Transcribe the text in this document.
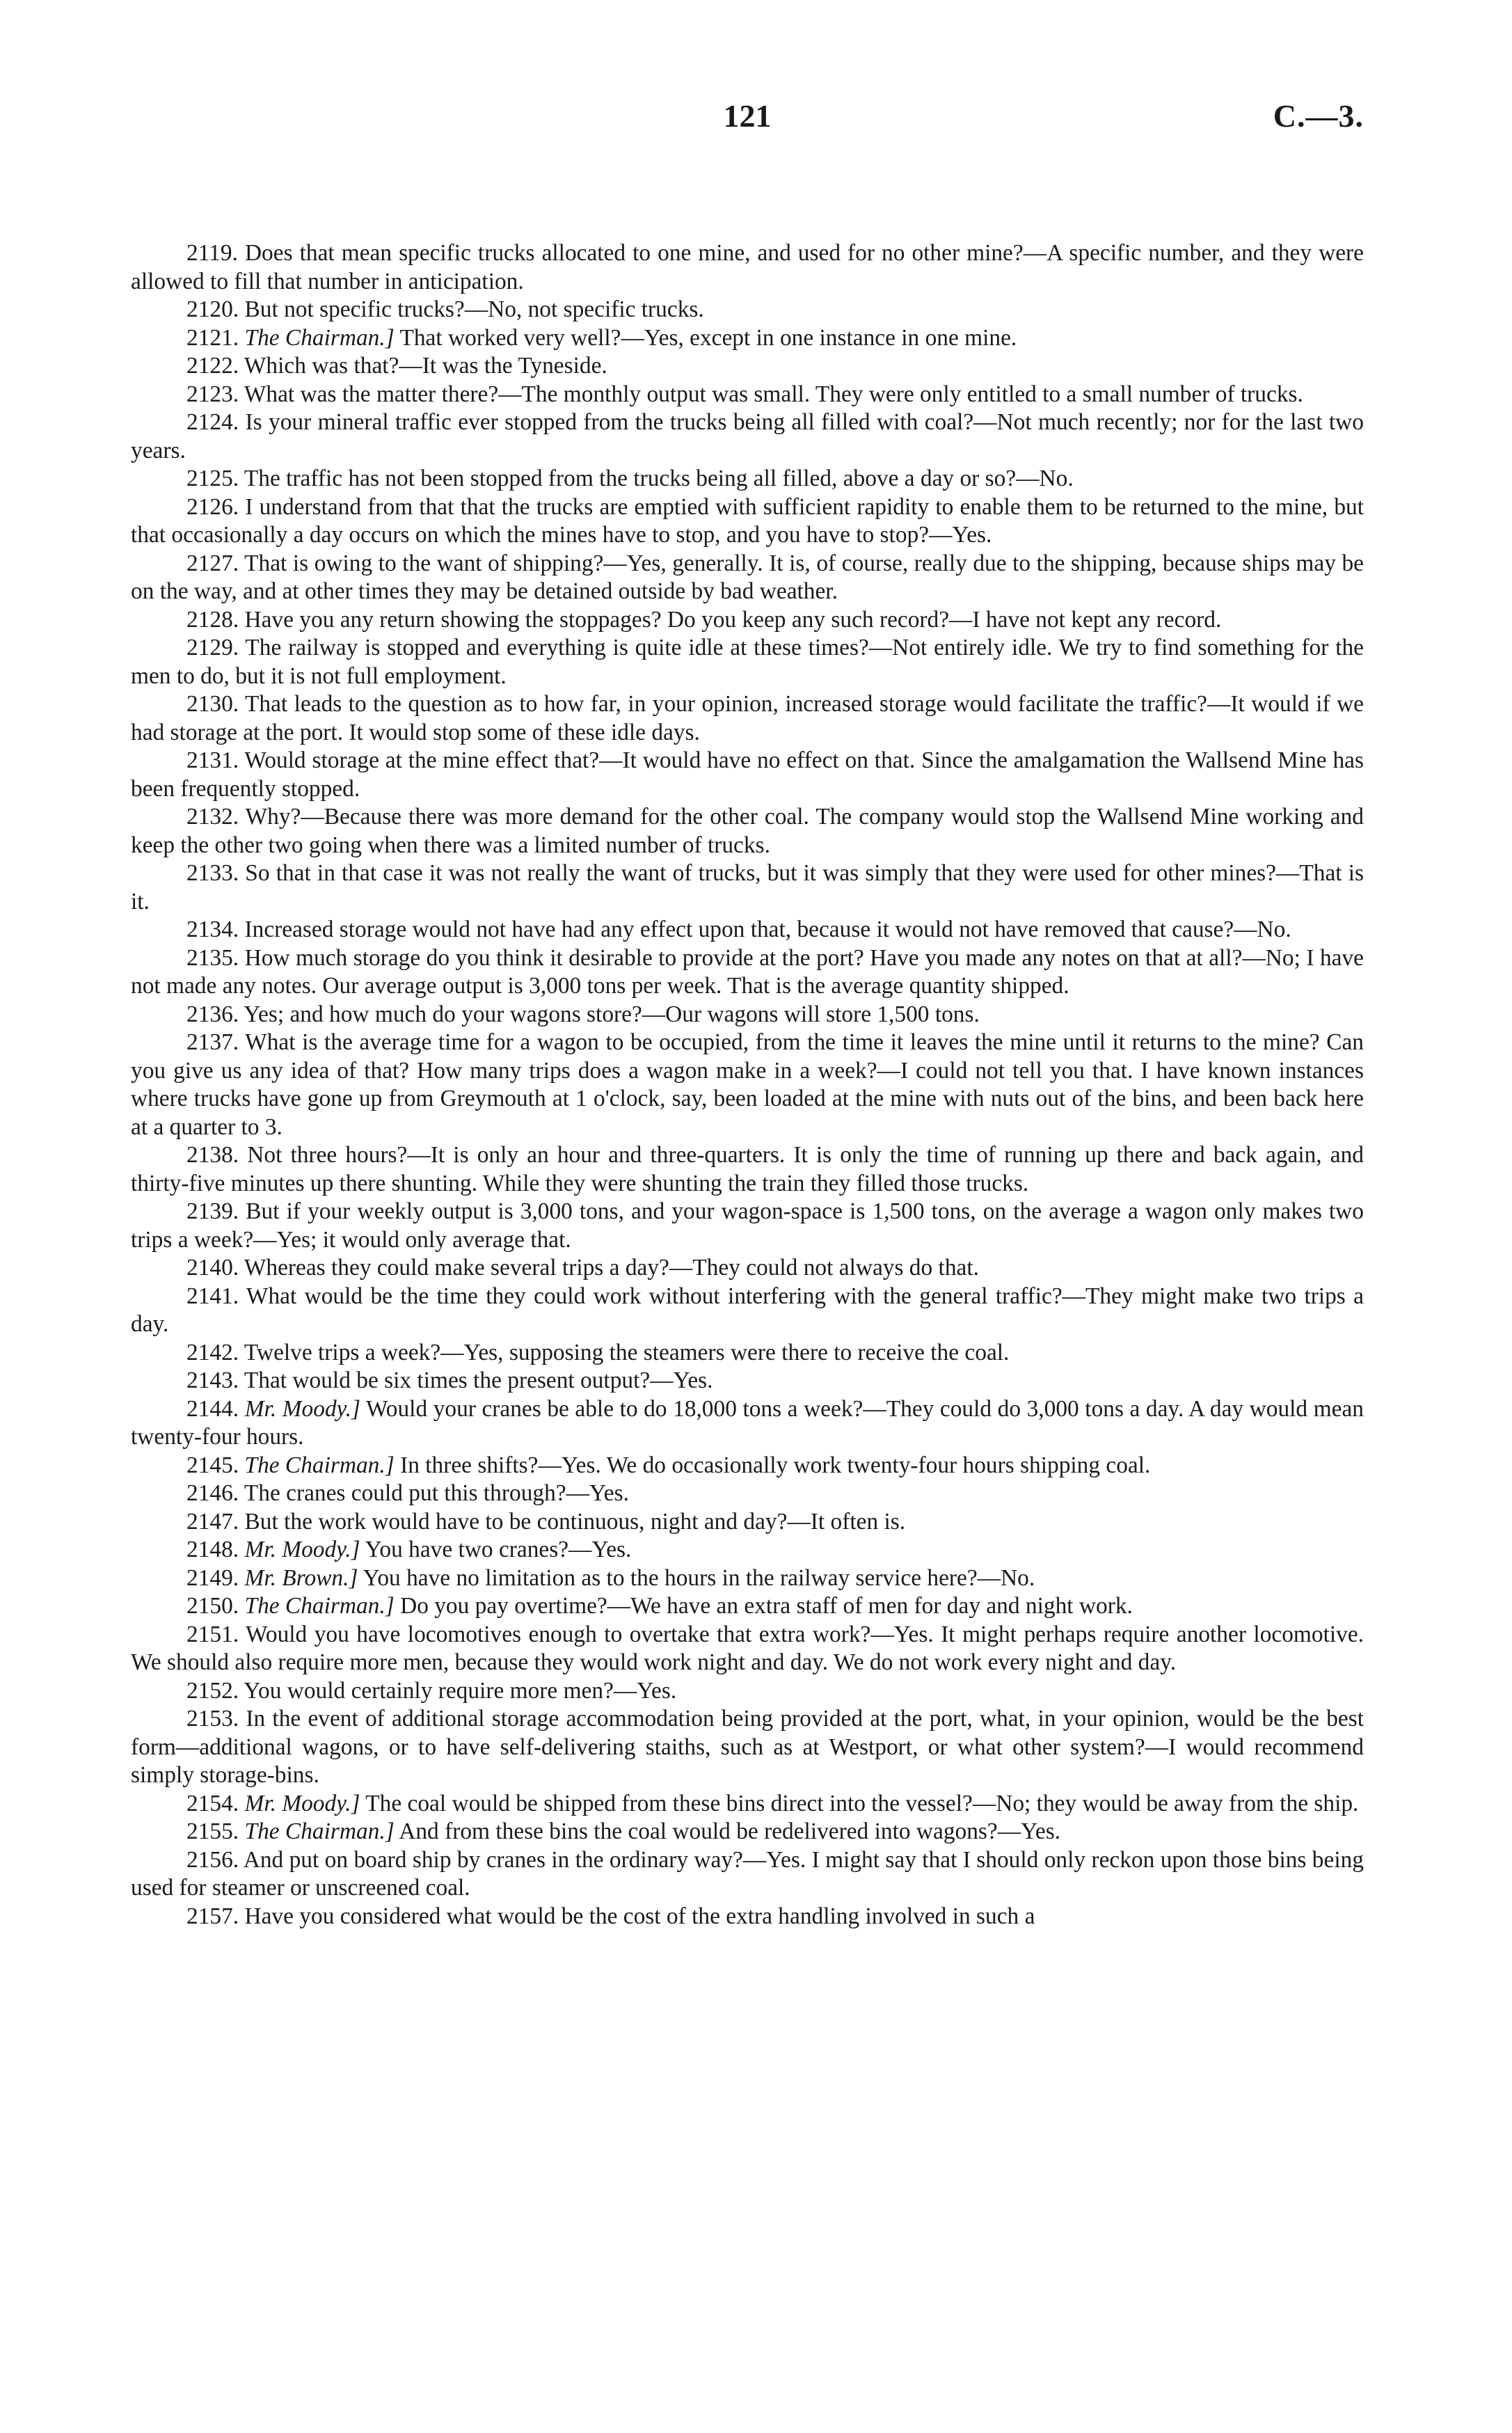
121	C.—3.

2119. Does that mean specific trucks allocated to one mine, and used for no other mine?—A specific number, and they were allowed to fill that number in anticipation.

2120. But not specific trucks?—No, not specific trucks.

2121. The Chairman.] That worked very well?—Yes, except in one instance in one mine.

2122. Which was that?—It was the Tyneside.

2123. What was the matter there?—The monthly output was small. They were only entitled to a small number of trucks.

2124. Is your mineral traffic ever stopped from the trucks being all filled with coal?—Not much recently; nor for the last two years.

2125. The traffic has not been stopped from the trucks being all filled, above a day or so?—No.

2126. I understand from that that the trucks are emptied with sufficient rapidity to enable them to be returned to the mine, but that occasionally a day occurs on which the mines have to stop, and you have to stop?—Yes.

2127. That is owing to the want of shipping?—Yes, generally. It is, of course, really due to the shipping, because ships may be on the way, and at other times they may be detained outside by bad weather.

2128. Have you any return showing the stoppages? Do you keep any such record?—I have not kept any record.

2129. The railway is stopped and everything is quite idle at these times?—Not entirely idle. We try to find something for the men to do, but it is not full employment.

2130. That leads to the question as to how far, in your opinion, increased storage would facilitate the traffic?—It would if we had storage at the port. It would stop some of these idle days.

2131. Would storage at the mine effect that?—It would have no effect on that. Since the amalgamation the Wallsend Mine has been frequently stopped.

2132. Why?—Because there was more demand for the other coal. The company would stop the Wallsend Mine working and keep the other two going when there was a limited number of trucks.

2133. So that in that case it was not really the want of trucks, but it was simply that they were used for other mines?—That is it.

2134. Increased storage would not have had any effect upon that, because it would not have removed that cause?—No.

2135. How much storage do you think it desirable to provide at the port? Have you made any notes on that at all?—No; I have not made any notes. Our average output is 3,000 tons per week. That is the average quantity shipped.

2136. Yes; and how much do your wagons store?—Our wagons will store 1,500 tons.

2137. What is the average time for a wagon to be occupied, from the time it leaves the mine until it returns to the mine? Can you give us any idea of that? How many trips does a wagon make in a week?—I could not tell you that. I have known instances where trucks have gone up from Greymouth at 1 o'clock, say, been loaded at the mine with nuts out of the bins, and been back here at a quarter to 3.

2138. Not three hours?—It is only an hour and three-quarters. It is only the time of running up there and back again, and thirty-five minutes up there shunting. While they were shunting the train they filled those trucks.

2139. But if your weekly output is 3,000 tons, and your wagon-space is 1,500 tons, on the average a wagon only makes two trips a week?—Yes; it would only average that.

2140. Whereas they could make several trips a day?—They could not always do that.

2141. What would be the time they could work without interfering with the general traffic?—They might make two trips a day.

2142. Twelve trips a week?—Yes, supposing the steamers were there to receive the coal.

2143. That would be six times the present output?—Yes.

2144. Mr. Moody.] Would your cranes be able to do 18,000 tons a week?—They could do 3,000 tons a day. A day would mean twenty-four hours.

2145. The Chairman.] In three shifts?—Yes. We do occasionally work twenty-four hours shipping coal.

2146. The cranes could put this through?—Yes.

2147. But the work would have to be continuous, night and day?—It often is.

2148. Mr. Moody.] You have two cranes?—Yes.

2149. Mr. Brown.] You have no limitation as to the hours in the railway service here?—No.

2150. The Chairman.] Do you pay overtime?—We have an extra staff of men for day and night work.

2151. Would you have locomotives enough to overtake that extra work?—Yes. It might perhaps require another locomotive. We should also require more men, because they would work night and day. We do not work every night and day.

2152. You would certainly require more men?—Yes.

2153. In the event of additional storage accommodation being provided at the port, what, in your opinion, would be the best form—additional wagons, or to have self-delivering staiths, such as at Westport, or what other system?—I would recommend simply storage-bins.

2154. Mr. Moody.] The coal would be shipped from these bins direct into the vessel?—No; they would be away from the ship.

2155. The Chairman.] And from these bins the coal would be redelivered into wagons?—Yes.

2156. And put on board ship by cranes in the ordinary way?—Yes. I might say that I should only reckon upon those bins being used for steamer or unscreened coal.

2157. Have you considered what would be the cost of the extra handling involved in such a
